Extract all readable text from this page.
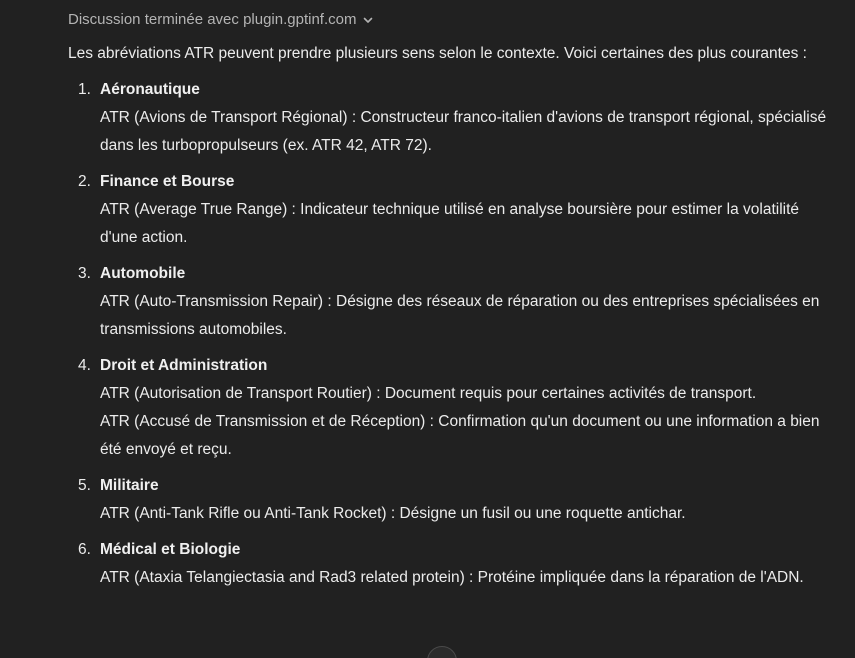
Discussion terminée avec plugin.gptinf.com

Les abréviations ATR peuvent prendre plusieurs sens selon le contexte. Voici certaines des plus courantes :

1. Aéronautique
ATR (Avions de Transport Régional) : Constructeur franco-italien d'avions de transport régional, spécialisé dans les turbopropulseurs (ex. ATR 42, ATR 72).
2. Finance et Bourse
ATR (Average True Range) : Indicateur technique utilisé en analyse boursière pour estimer la volatilité d'une action.
3. Automobile
ATR (Auto-Transmission Repair) : Désigne des réseaux de réparation ou des entreprises spécialisées en transmissions automobiles.
4. Droit et Administration
ATR (Autorisation de Transport Routier) : Document requis pour certaines activités de transport.
ATR (Accusé de Transmission et de Réception) : Confirmation qu'un document ou une information a bien été envoyé et reçu.
5. Militaire
ATR (Anti-Tank Rifle ou Anti-Tank Rocket) : Désigne un fusil ou une roquette antichar.
6. Médical et Biologie
ATR (Ataxia Telangiectasia and Rad3 related protein) : Protéine impliquée dans la réparation de l'ADN.
